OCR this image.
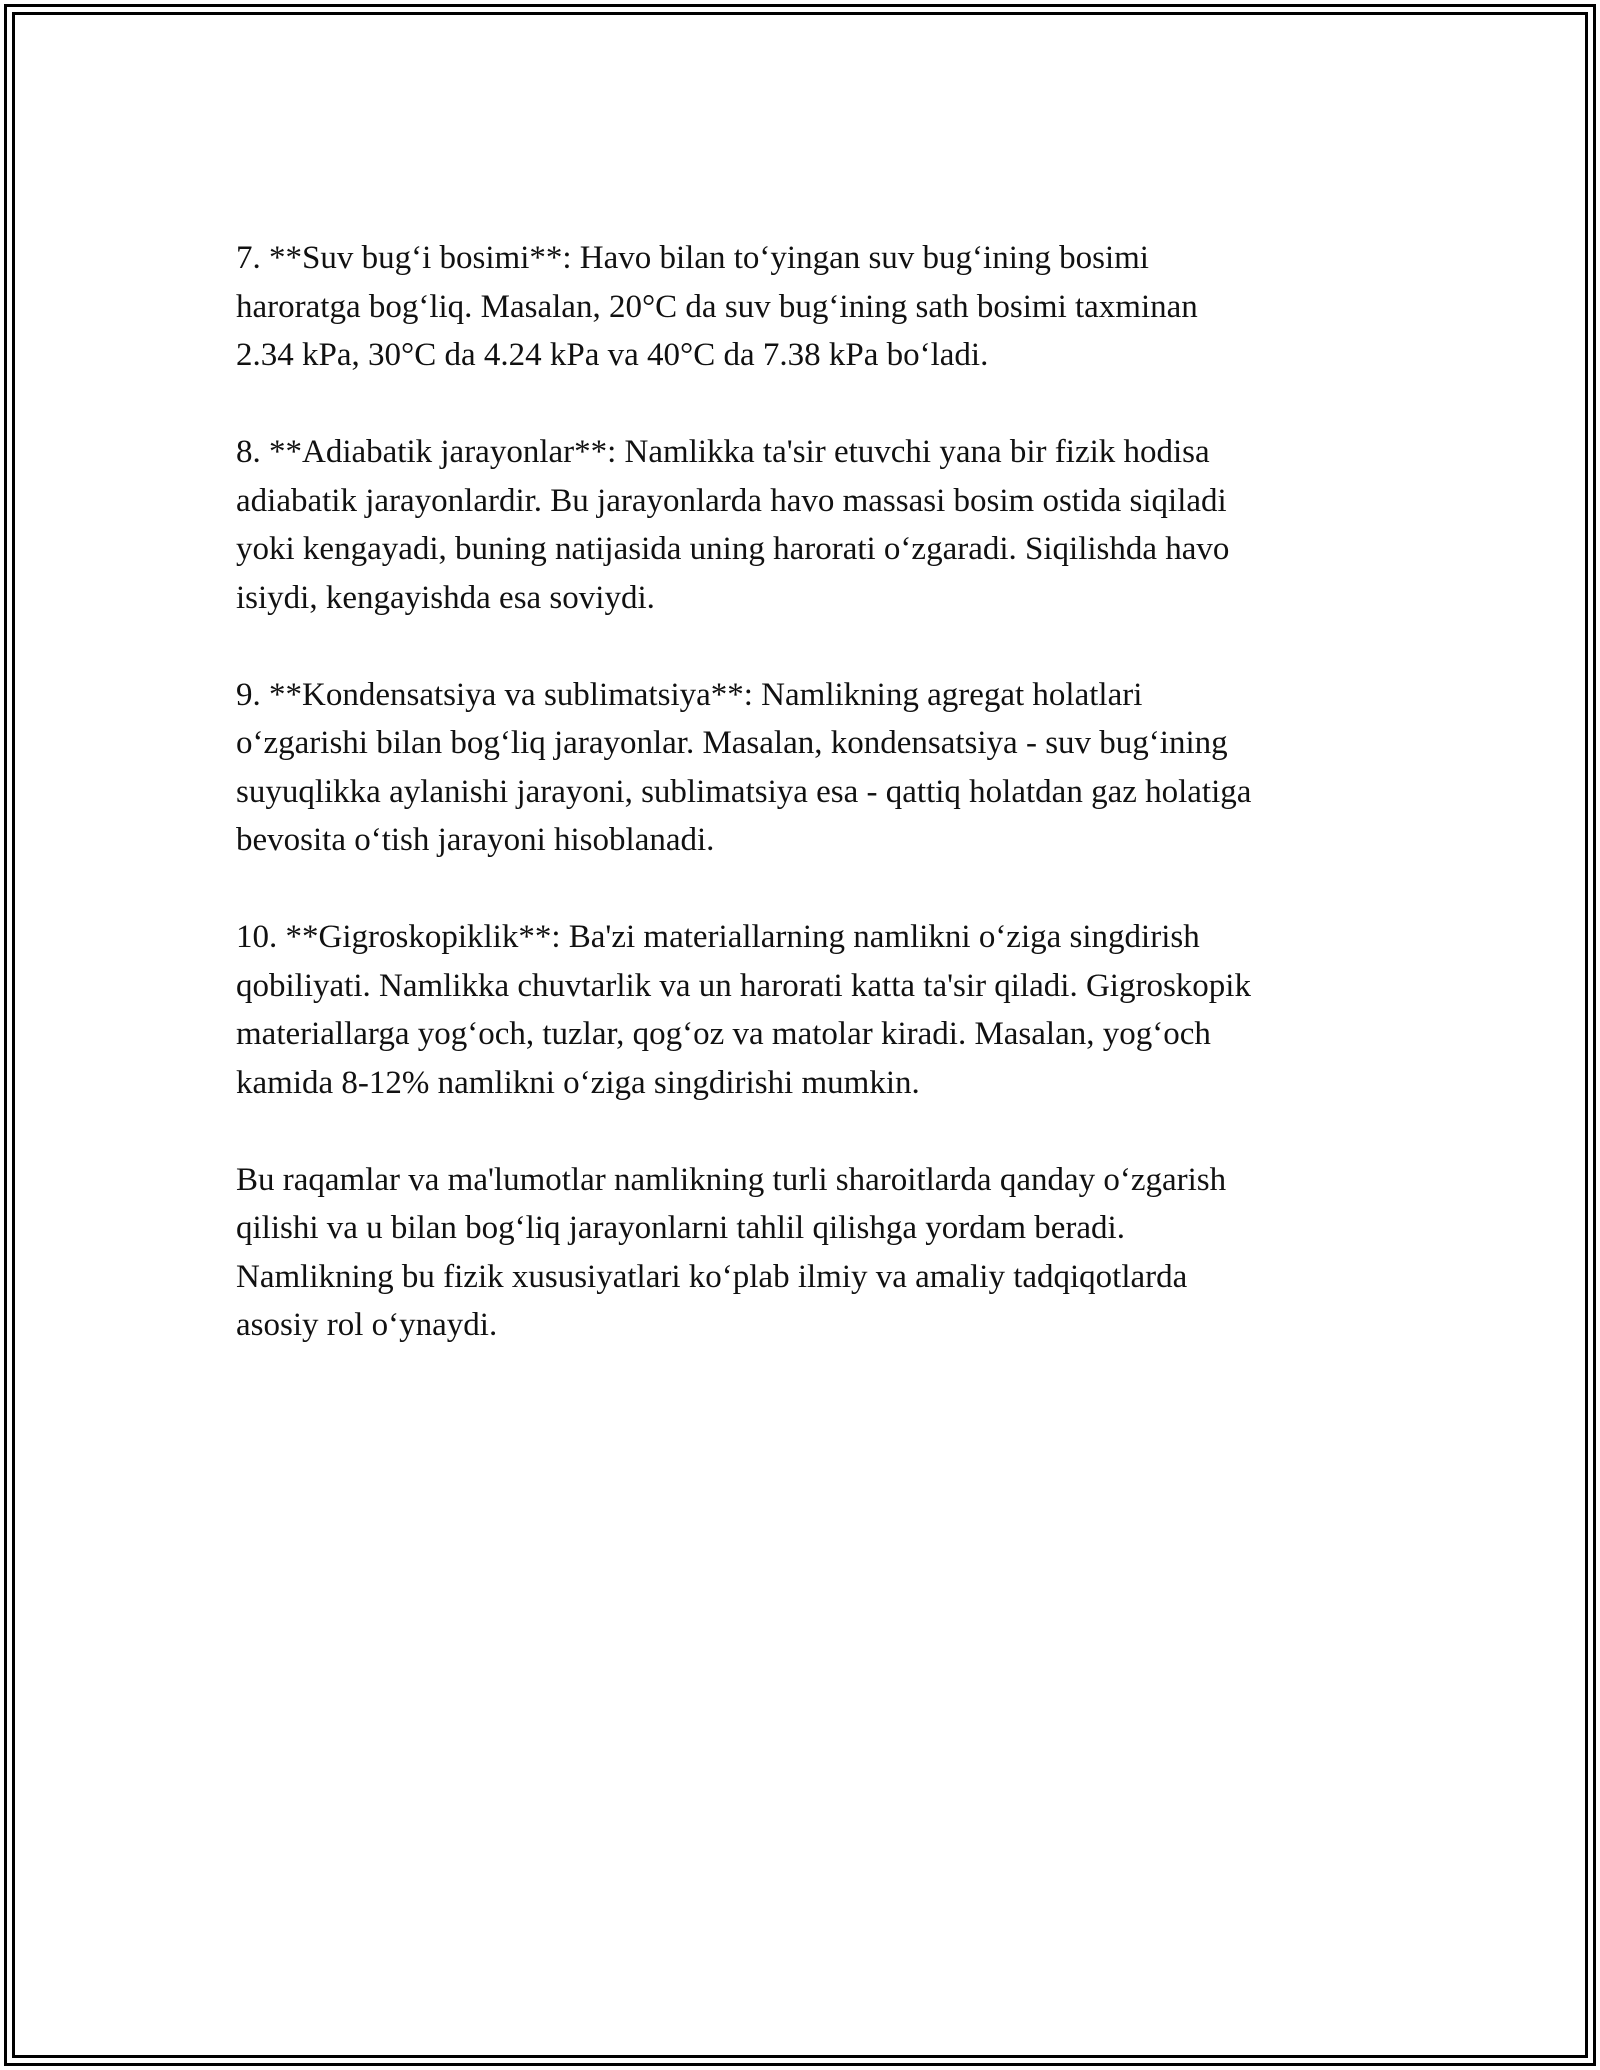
7. **Suv bug‘i bosimi**: Havo bilan to‘yingan suv bug‘ining bosimi
haroratga bog‘liq. Masalan, 20°C da suv bug‘ining sath bosimi taxminan
2.34 kPa, 30°C da 4.24 kPa va 40°C da 7.38 kPa bo‘ladi.

8. **Adiabatik jarayonlar**: Namlikka ta'sir etuvchi yana bir fizik hodisa
adiabatik jarayonlardir. Bu jarayonlarda havo massasi bosim ostida siqiladi
yoki kengayadi, buning natijasida uning harorati o‘zgaradi. Siqilishda havo
isiydi, kengayishda esa soviydi.

9. **Kondensatsiya va sublimatsiya**: Namlikning agregat holatlari
o‘zgarishi bilan bog‘liq jarayonlar. Masalan, kondensatsiya - suv bug‘ining
suyuqlikka aylanishi jarayoni, sublimatsiya esa - qattiq holatdan gaz holatiga
bevosita o‘tish jarayoni hisoblanadi.

10. **Gigroskopiklik**: Ba'zi materiallarning namlikni o‘ziga singdirish
qobiliyati. Namlikka chuvtarlik va un harorati katta ta'sir qiladi. Gigroskopik
materiallarga yog‘och, tuzlar, qog‘oz va matolar kiradi. Masalan, yog‘och
kamida 8-12% namlikni o‘ziga singdirishi mumkin.

Bu raqamlar va ma'lumotlar namlikning turli sharoitlarda qanday o‘zgarish
qilishi va u bilan bog‘liq jarayonlarni tahlil qilishga yordam beradi.
Namlikning bu fizik xususiyatlari ko‘plab ilmiy va amaliy tadqiqotlarda
asosiy rol o‘ynaydi.
